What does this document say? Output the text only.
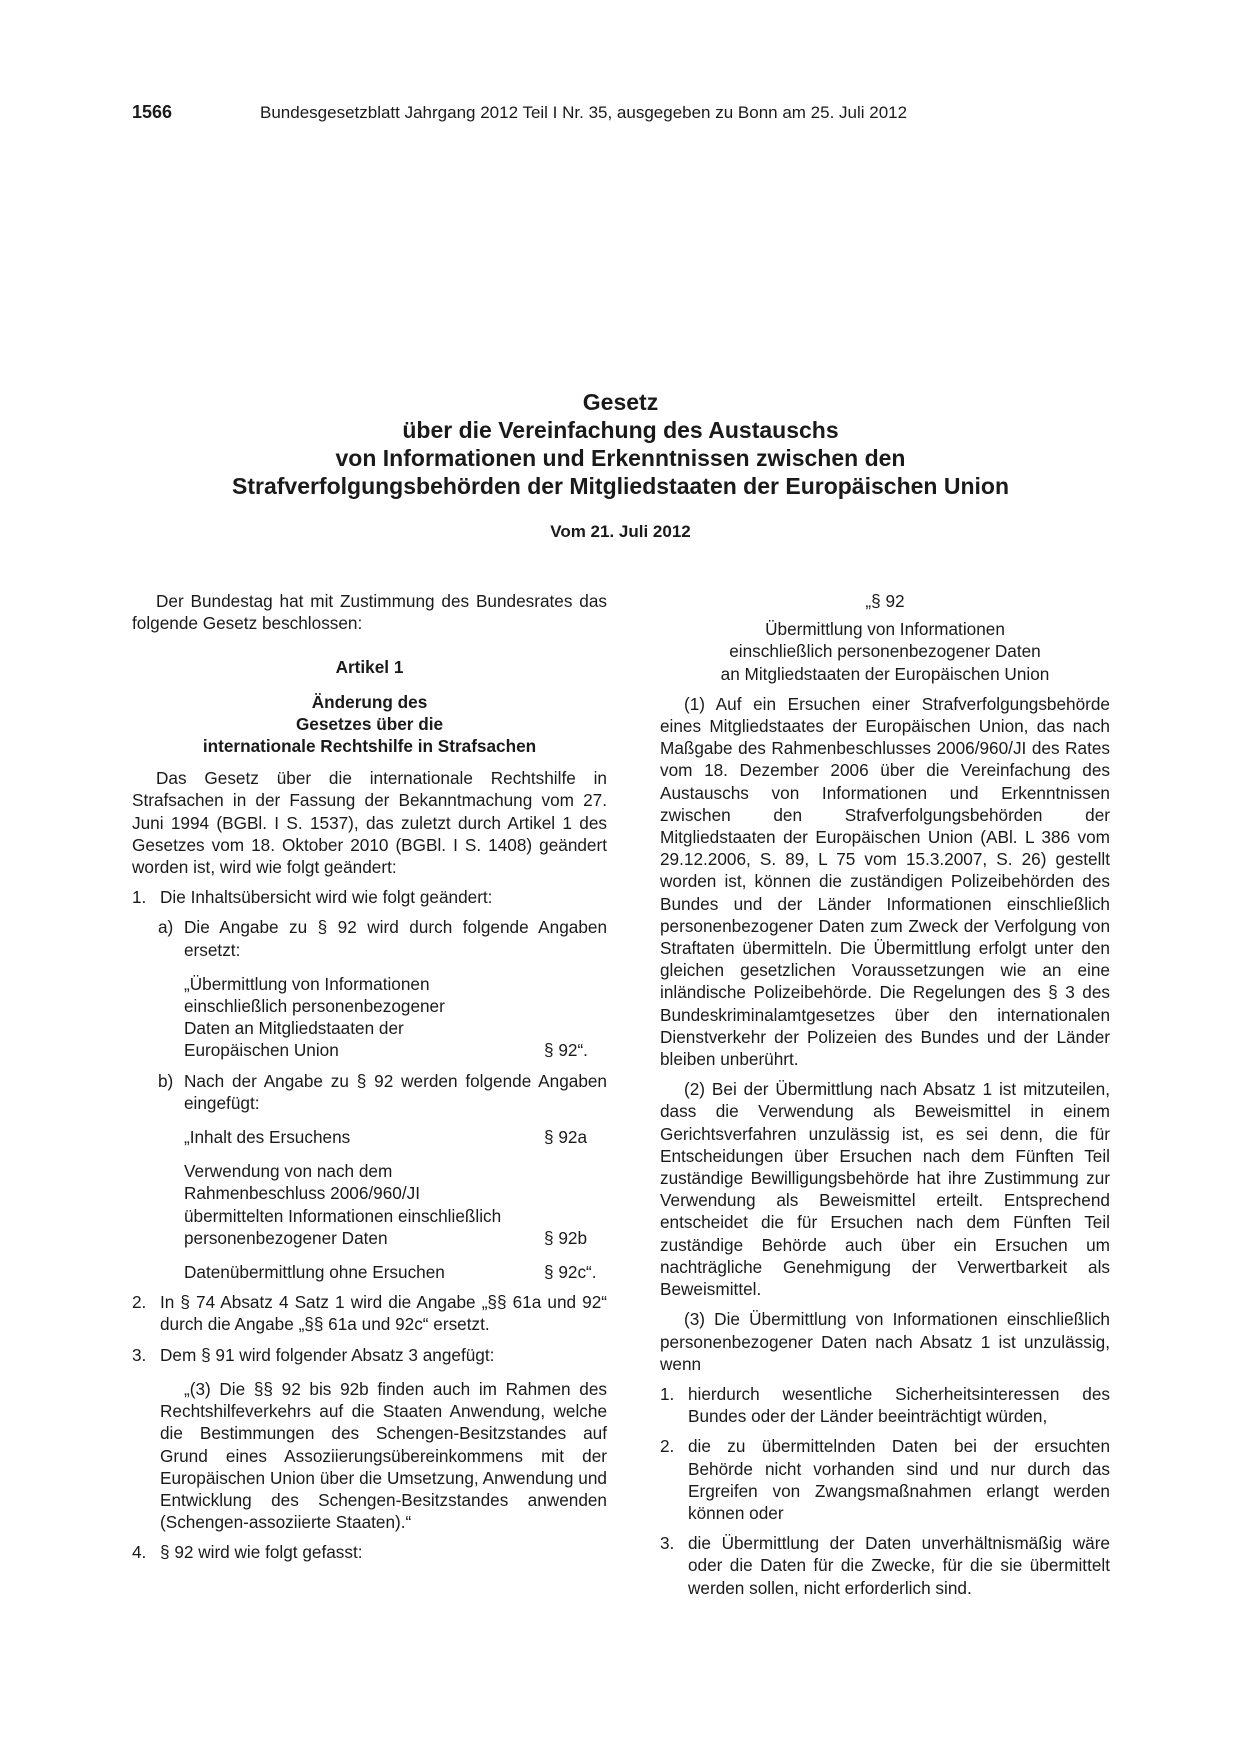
1566	Bundesgesetzblatt Jahrgang 2012 Teil I Nr. 35, ausgegeben zu Bonn am 25. Juli 2012
Gesetz
über die Vereinfachung des Austauschs
von Informationen und Erkenntnissen zwischen den
Strafverfolgungsbehörden der Mitgliedstaaten der Europäischen Union
Vom 21. Juli 2012

Der Bundestag hat mit Zustimmung des Bundesrates das folgende Gesetz beschlossen:

Artikel 1

Änderung des

Gesetzes über die

internationale Rechtshilfe in Strafsachen

Das Gesetz über die internationale Rechtshilfe in Strafsachen in der Fassung der Bekanntmachung vom 27. Juni 1994 (BGBl. I S. 1537), das zuletzt durch Artikel 1 des Gesetzes vom 18. Oktober 2010 (BGBl. I S. 1408) geändert worden ist, wird wie folgt geändert:

1. Die Inhaltsübersicht wird wie folgt geändert:

a) Die Angabe zu § 92 wird durch folgende Angaben ersetzt:

„Übermittlung von Informationen

einschließlich personenbezogener

Daten an Mitgliedstaaten der

Europäischen Union	§ 92“.

b) Nach der Angabe zu § 92 werden folgende Angaben eingefügt:

„Inhalt des Ersuchens	§ 92a

Verwendung von nach dem Rahmenbeschluss 2006/960/JI übermittelten Informationen einschließlich personenbezogener Daten	§ 92b

Datenübermittlung ohne Ersuchen	§ 92c“.

2. In § 74 Absatz 4 Satz 1 wird die Angabe „§§ 61a und 92“ durch die Angabe „§§ 61a und 92c“ ersetzt.

3. Dem § 91 wird folgender Absatz 3 angefügt:

„(3) Die §§ 92 bis 92b finden auch im Rahmen des Rechtshilfeverkehrs auf die Staaten Anwendung, welche die Bestimmungen des Schengen-Besitzstandes auf Grund eines Assoziierungsübereinkommens mit der Europäischen Union über die Umsetzung, Anwendung und Entwicklung des Schengen-Besitzstandes anwenden (Schengen-assoziierte Staaten).“

4. § 92 wird wie folgt gefasst:

„§ 92

Übermittlung von Informationen

einschließlich personenbezogener Daten

an Mitgliedstaaten der Europäischen Union

(1) Auf ein Ersuchen einer Strafverfolgungsbehörde eines Mitgliedstaates der Europäischen Union, das nach Maßgabe des Rahmenbeschlusses 2006/960/JI des Rates vom 18. Dezember 2006 über die Vereinfachung des Austauschs von Informationen und Erkenntnissen zwischen den Strafverfolgungsbehörden der Mitgliedstaaten der Europäischen Union (ABl. L 386 vom 29.12.2006, S. 89, L 75 vom 15.3.2007, S. 26) gestellt worden ist, können die zuständigen Polizeibehörden des Bundes und der Länder Informationen einschließlich personenbezogener Daten zum Zweck der Verfolgung von Straftaten übermitteln. Die Übermittlung erfolgt unter den gleichen gesetzlichen Voraussetzungen wie an eine inländische Polizeibehörde. Die Regelungen des § 3 des Bundeskriminalamtgesetzes über den internationalen Dienstverkehr der Polizeien des Bundes und der Länder bleiben unberührt.

(2) Bei der Übermittlung nach Absatz 1 ist mitzuteilen, dass die Verwendung als Beweismittel in einem Gerichtsverfahren unzulässig ist, es sei denn, die für Entscheidungen über Ersuchen nach dem Fünften Teil zuständige Bewilligungsbehörde hat ihre Zustimmung zur Verwendung als Beweismittel erteilt. Entsprechend entscheidet die für Ersuchen nach dem Fünften Teil zuständige Behörde auch über ein Ersuchen um nachträgliche Genehmigung der Verwertbarkeit als Beweismittel.

(3) Die Übermittlung von Informationen einschließlich personenbezogener Daten nach Absatz 1 ist unzulässig, wenn

1. hierdurch wesentliche Sicherheitsinteressen des Bundes oder der Länder beeinträchtigt würden,

2. die zu übermittelnden Daten bei der ersuchten Behörde nicht vorhanden sind und nur durch das Ergreifen von Zwangsmaßnahmen erlangt werden können oder

3. die Übermittlung der Daten unverhältnismäßig wäre oder die Daten für die Zwecke, für die sie übermittelt werden sollen, nicht erforderlich sind.
